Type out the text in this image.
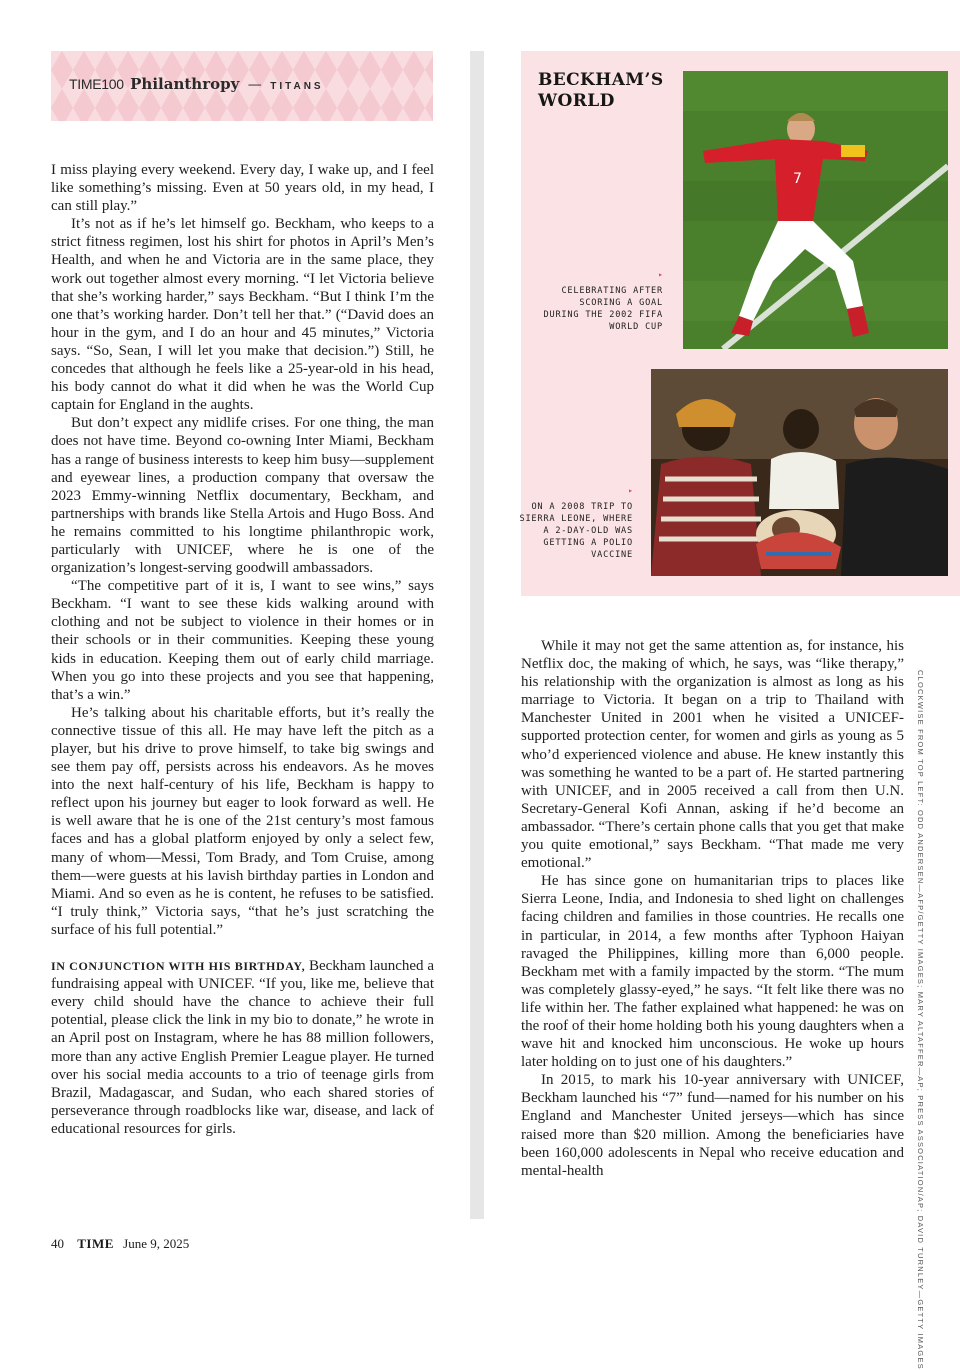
TIME100 Philanthropy — TITANS

I miss playing every weekend. Every day, I wake up, and I feel like something’s missing. Even at 50 years old, in my head, I can still play.”

It’s not as if he’s let himself go. Beckham, who keeps to a strict fitness regimen, lost his shirt for photos in April’s Men’s Health, and when he and Victoria are in the same place, they work out together almost every morning. “I let Victoria believe that she’s working harder,” says Beckham. “But I think I’m the one that’s working harder. Don’t tell her that.” (“David does an hour in the gym, and I do an hour and 45 minutes,” Victoria says. “So, Sean, I will let you make that decision.”) Still, he concedes that although he feels like a 25-year-old in his head, his body cannot do what it did when he was the World Cup captain for England in the aughts.

But don’t expect any midlife crises. For one thing, the man does not have time. Beyond co-owning Inter Miami, Beckham has a range of business interests to keep him busy—supplement and eyewear lines, a production company that oversaw the 2023 Emmy-winning Netflix documentary, Beckham, and partnerships with brands like Stella Artois and Hugo Boss. And he remains committed to his longtime philanthropic work, particularly with UNICEF, where he is one of the organization’s longest-serving goodwill ambassadors.

“The competitive part of it is, I want to see wins,” says Beckham. “I want to see these kids walking around with clothing and not be subject to violence in their homes or in their schools or in their communities. Keeping these young kids in education. Keeping them out of early child marriage. When you go into these projects and you see that happening, that’s a win.”

He’s talking about his charitable efforts, but it’s really the connective tissue of this all. He may have left the pitch as a player, but his drive to prove himself, to take big swings and see them pay off, persists across his endeavors. As he moves into the next half-century of his life, Beckham is happy to reflect upon his journey but eager to look forward as well. He is well aware that he is one of the 21st century’s most famous faces and has a global platform enjoyed by only a select few, many of whom—Messi, Tom Brady, and Tom Cruise, among them—were guests at his lavish birthday parties in London and Miami. And so even as he is content, he refuses to be satisfied. “I truly think,” Victoria says, “that he’s just scratching the surface of his full potential.”

IN CONJUNCTION WITH HIS BIRTHDAY, Beckham launched a fundraising appeal with UNICEF. “If you, like me, believe that every child should have the chance to achieve their full potential, please click the link in my bio to donate,” he wrote in an April post on Instagram, where he has 88 million followers, more than any active English Premier League player. He turned over his social media accounts to a trio of teenage girls from Brazil, Madagascar, and Sudan, who each shared stories of perseverance through roadblocks like war, disease, and lack of educational resources for girls.

BECKHAM’S WORLD
7
▸
CELEBRATING AFTER SCORING A GOAL DURING THE 2002 FIFA WORLD CUP
▸
ON A 2008 TRIP TO SIERRA LEONE, WHERE A 2-DAY-OLD WAS GETTING A POLIO VACCINE

While it may not get the same attention as, for instance, his Netflix doc, the making of which, he says, was “like therapy,” his relationship with the organization is almost as long as his marriage to Victoria. It began on a trip to Thailand with Manchester United in 2001 when he visited a UNICEF-supported protection center, for women and girls as young as 5 who’d experienced violence and abuse. He knew instantly this was something he wanted to be a part of. He started partnering with UNICEF, and in 2005 received a call from then U.N. Secretary-General Kofi Annan, asking if he’d become an ambassador. “There’s certain phone calls that you get that make you quite emotional,” says Beckham. “That made me very emotional.”

He has since gone on humanitarian trips to places like Sierra Leone, India, and Indonesia to shed light on challenges facing children and families in those countries. He recalls one in particular, in 2014, a few months after Typhoon Haiyan ravaged the Philippines, killing more than 6,000 people. Beckham met with a family impacted by the storm. “The mum was completely glassy-eyed,” he says. “It felt like there was no life within her. The father explained what happened: he was on the roof of their home holding both his young daughters when a wave hit and knocked him unconscious. He woke up hours later holding on to just one of his daughters.”

In 2015, to mark his 10-year anniversary with UNICEF, Beckham launched his “7” fund—named for his number on his England and Manchester United jerseys—which has since raised more than $20 million. Among the beneficiaries have been 160,000 adolescents in Nepal who receive education and mental-health	CLOCKWISE FROM TOP LEFT: ODD ANDERSEN—AFP/GETTY IMAGES; MARY ALTAFFER—AP; PRESS ASSOCIATION/AP; DAVID TURNLEY—GETTY IMAGES
40 TIME June 9, 2025
